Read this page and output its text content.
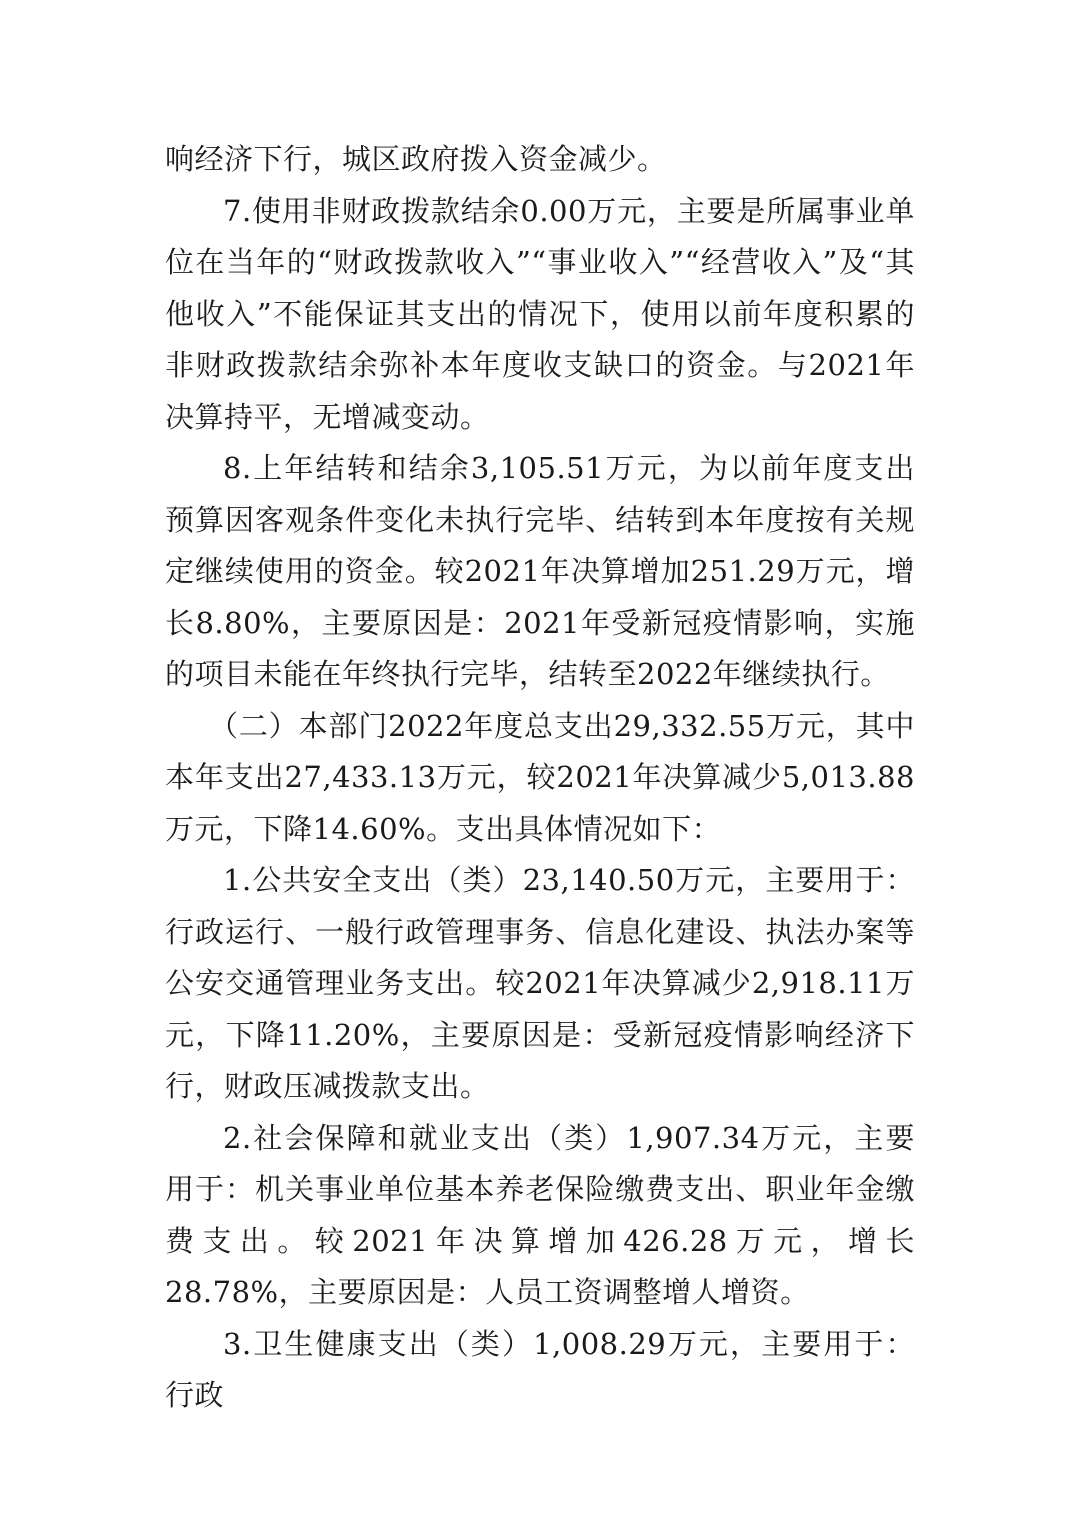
响经济下行，城区政府拨入资金减少。

7.使用非财政拨款结余0.00万元，主要是所属事业单位在当年的“财政拨款收入”“事业收入”“经营收入”及“其他收入”不能保证其支出的情况下，使用以前年度积累的非财政拨款结余弥补本年度收支缺口的资金。与2021年决算持平，无增减变动。

8.上年结转和结余3,105.51万元，为以前年度支出预算因客观条件变化未执行完毕、结转到本年度按有关规定继续使用的资金。较2021年决算增加251.29万元，增长8.80%，主要原因是：2021年受新冠疫情影响，实施的项目未能在年终执行完毕，结转至2022年继续执行。

（二）本部门2022年度总支出29,332.55万元，其中本年支出27,433.13万元，较2021年决算减少5,013.88万元，下降14.60%。支出具体情况如下：

1.公共安全支出（类）23,140.50万元，主要用于：行政运行、一般行政管理事务、信息化建设、执法办案等公安交通管理业务支出。较2021年决算减少2,918.11万元，下降11.20%，主要原因是：受新冠疫情影响经济下行，财政压减拨款支出。

2.社会保障和就业支出（类）1,907.34万元，主要用于：机关事业单位基本养老保险缴费支出、职业年金缴费支出。较2021年决算增加426.28万元，增长28.78%，主要原因是：人员工资调整增人增资。

3.卫生健康支出（类）1,008.29万元，主要用于：行政
